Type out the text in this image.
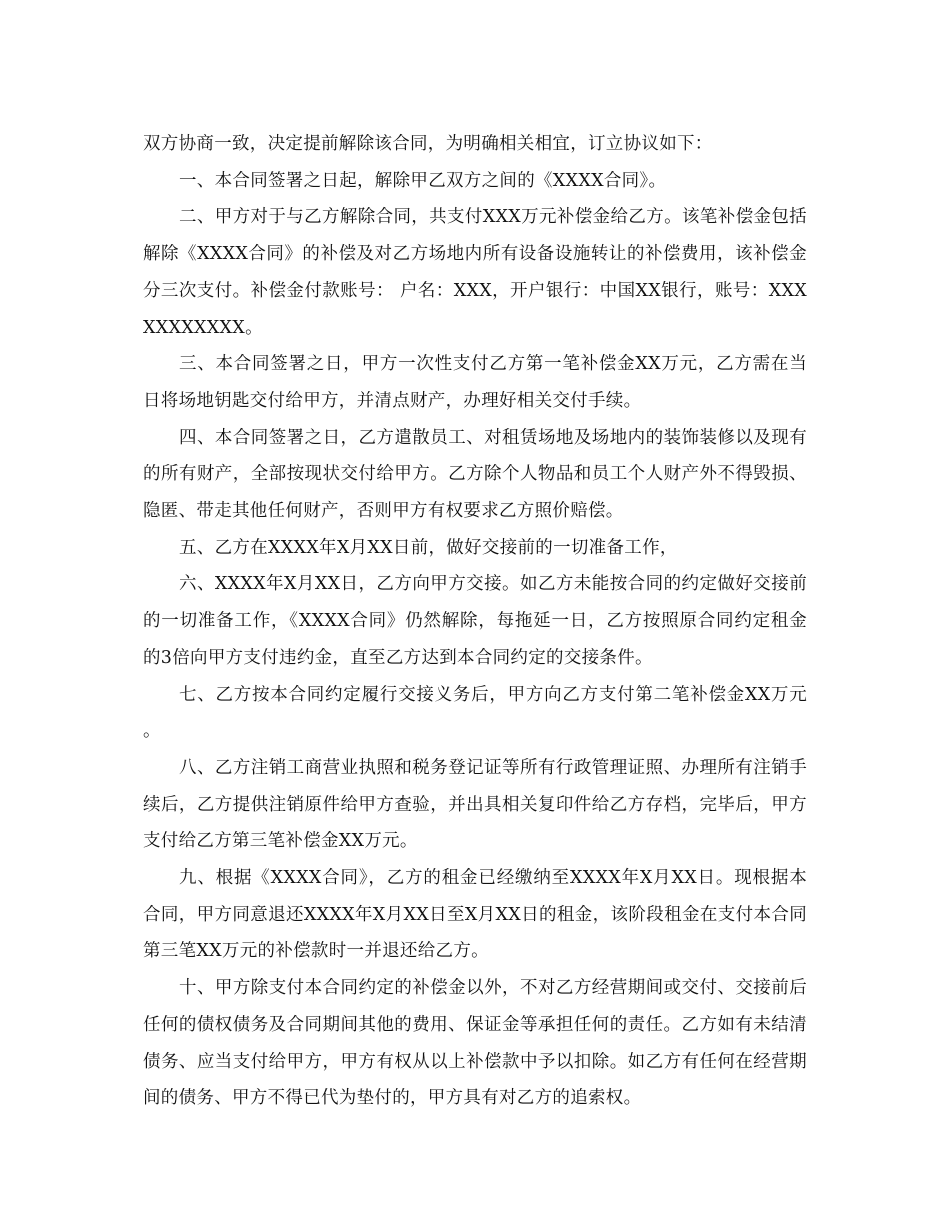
双方协商一致，决定提前解除该合同，为明确相关相宜，订立协议如下：

一、本合同签署之日起，解除甲乙双方之间的《XXXX合同》。

二、甲方对于与乙方解除合同，共支付XXX万元补偿金给乙方。该笔补偿金包括解除《XXXX合同》的补偿及对乙方场地内所有设备设施转让的补偿费用，该补偿金分三次支付。补偿金付款账号： 户名：XXX，开户银行：中国XX银行，账号：XXXXXXXXXXX。

三、本合同签署之日，甲方一次性支付乙方第一笔补偿金XX万元，乙方需在当日将场地钥匙交付给甲方，并清点财产，办理好相关交付手续。

四、本合同签署之日，乙方遣散员工、对租赁场地及场地内的装饰装修以及现有的所有财产，全部按现状交付给甲方。乙方除个人物品和员工个人财产外不得毁损、隐匿、带走其他任何财产，否则甲方有权要求乙方照价赔偿。

五、乙方在XXXX年X月XX日前，做好交接前的一切准备工作，

六、XXXX年X月XX日，乙方向甲方交接。如乙方未能按合同的约定做好交接前的一切准备工作，《XXXX合同》仍然解除，每拖延一日，乙方按照原合同约定租金的3倍向甲方支付违约金，直至乙方达到本合同约定的交接条件。

七、乙方按本合同约定履行交接义务后，甲方向乙方支付第二笔补偿金XX万元。

八、乙方注销工商营业执照和税务登记证等所有行政管理证照、办理所有注销手续后，乙方提供注销原件给甲方查验，并出具相关复印件给乙方存档，完毕后，甲方支付给乙方第三笔补偿金XX万元。

九、根据《XXXX合同》，乙方的租金已经缴纳至XXXX年X月XX日。现根据本合同，甲方同意退还XXXX年X月XX日至X月XX日的租金，该阶段租金在支付本合同第三笔XX万元的补偿款时一并退还给乙方。

十、甲方除支付本合同约定的补偿金以外，不对乙方经营期间或交付、交接前后任何的债权债务及合同期间其他的费用、保证金等承担任何的责任。乙方如有未结清债务、应当支付给甲方，甲方有权从以上补偿款中予以扣除。如乙方有任何在经营期间的债务、甲方不得已代为垫付的，甲方具有对乙方的追索权。
